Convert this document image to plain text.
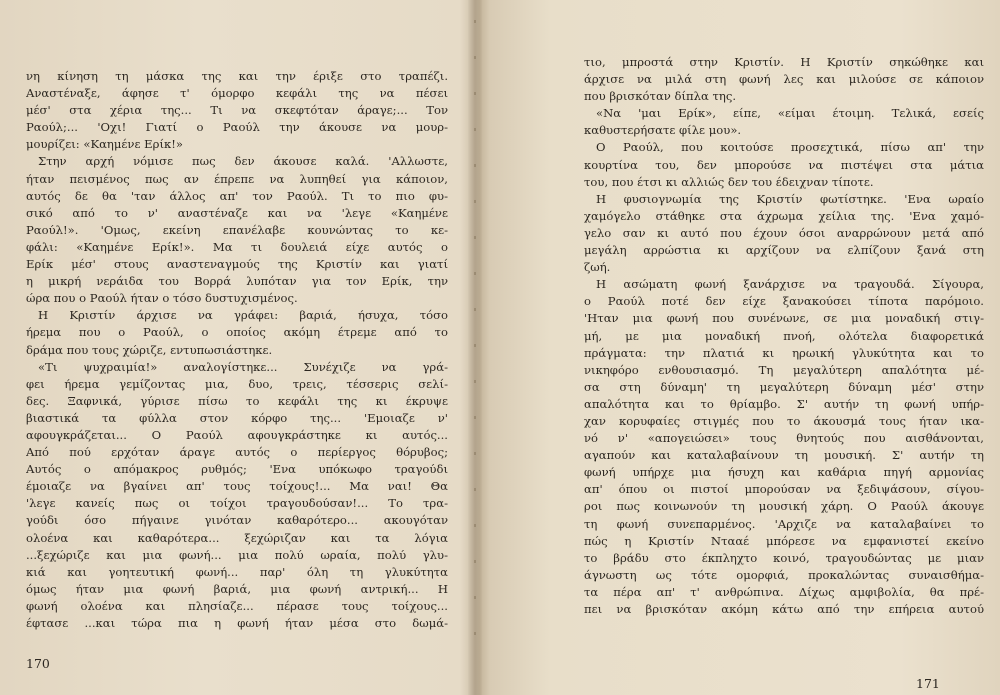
νη κίνηση τη μάσκα της και την έριξε στο τραπέζι.
Αναστέναξε, άφησε τ' όμορφο κεφάλι της να πέσει
μέσ' στα χέρια της... Τι να σκεφτόταν άραγε;... Τον
Ραούλ;... 'Οχι! Γιατί ο Ραούλ την άκουσε να μουρ-
μουρίζει: «Καημένε Ερίκ!»
Στην αρχή νόμισε πως δεν άκουσε καλά. 'Αλλωστε,
ήταν πεισμένος πως αν έπρεπε να λυπηθεί για κάποιον,
αυτός δε θα 'ταν άλλος απ' τον Ραούλ. Τι το πιο φυ-
σικό από το ν' αναστέναζε και να 'λεγε «Καημένε
Ραούλ!». 'Ομως, εκείνη επανέλαβε κουνώντας το κε-
φάλι: «Καημένε Ερίκ!». Μα τι δουλειά είχε αυτός ο
Ερίκ μέσ' στους αναστεναγμούς της Κριστίν και γιατί
η μικρή νεράιδα του Βορρά λυπόταν για τον Ερίκ, την
ώρα που ο Ραούλ ήταν ο τόσο δυστυχισμένος.
Η Κριστίν άρχισε να γράφει: βαριά, ήσυχα, τόσο
ήρεμα που ο Ραούλ, ο οποίος ακόμη έτρεμε από το
δράμα που τους χώριζε, εντυπωσιάστηκε.
«Τι ψυχραιμία!» αναλογίστηκε... Συνέχιζε να γρά-
φει ήρεμα γεμίζοντας μια, δυο, τρεις, τέσσερις σελί-
δες. Ξαφνικά, γύρισε πίσω το κεφάλι της κι έκρυψε
βιαστικά τα φύλλα στον κόρφο της... 'Εμοιαζε ν'
αφουγκράζεται... Ο Ραούλ αφουγκράστηκε κι αυτός...
Από πού ερχόταν άραγε αυτός ο περίεργος θόρυβος;
Αυτός ο απόμακρος ρυθμός; 'Ενα υπόκωφο τραγούδι
έμοιαζε να βγαίνει απ' τους τοίχους!... Μα ναι! Θα
'λεγε κανείς πως οι τοίχοι τραγουδούσαν!... Το τρα-
γούδι όσο πήγαινε γινόταν καθαρότερο... ακουγόταν
ολοένα και καθαρότερα... ξεχώριζαν και τα λόγια
...ξεχώριζε και μια φωνή... μια πολύ ωραία, πολύ γλυ-
κιά και γοητευτική φωνή... παρ' όλη τη γλυκύτητα
όμως ήταν μια φωνή βαριά, μια φωνή αντρική... Η
φωνή ολοένα και πλησίαζε... πέρασε τους τοίχους...
έφτασε ...και τώρα πια η φωνή ήταν μέσα στο δωμά-
170
τιο, μπροστά στην Κριστίν. Η Κριστίν σηκώθηκε και
άρχισε να μιλά στη φωνή λες και μιλούσε σε κάποιον
που βρισκόταν δίπλα της.
«Να 'μαι Ερίκ», είπε, «είμαι έτοιμη. Τελικά, εσείς
καθυστερήσατε φίλε μου».
Ο Ραούλ, που κοιτούσε προσεχτικά, πίσω απ' την
κουρτίνα του, δεν μπορούσε να πιστέψει στα μάτια
του, που έτσι κι αλλιώς δεν του έδειχναν τίποτε.
Η φυσιογνωμία της Κριστίν φωτίστηκε. 'Ενα ωραίο
χαμόγελο στάθηκε στα άχρωμα χείλια της. 'Ενα χαμό-
γελο σαν κι αυτό που έχουν όσοι αναρρώνουν μετά από
μεγάλη αρρώστια κι αρχίζουν να ελπίζουν ξανά στη
ζωή.
Η ασώματη φωνή ξανάρχισε να τραγουδά. Σίγουρα,
ο Ραούλ ποτέ δεν είχε ξανακούσει τίποτα παρόμοιο.
'Ηταν μια φωνή που συνένωνε, σε μια μοναδική στιγ-
μή, με μια μοναδική πνοή, ολότελα διαφορετικά
πράγματα: την πλατιά κι ηρωική γλυκύτητα και το
νικηφόρο ενθουσιασμό. Τη μεγαλύτερη απαλότητα μέ-
σα στη δύναμη' τη μεγαλύτερη δύναμη μέσ' στην
απαλότητα και το θρίαμβο. Σ' αυτήν τη φωνή υπήρ-
χαν κορυφαίες στιγμές που το άκουσμά τους ήταν ικα-
νό ν' «απογειώσει» τους θνητούς που αισθάνονται,
αγαπούν και καταλαβαίνουν τη μουσική. Σ' αυτήν τη
φωνή υπήρχε μια ήσυχη και καθάρια πηγή αρμονίας
απ' όπου οι πιστοί μπορούσαν να ξεδιψάσουν, σίγου-
ροι πως κοινωνούν τη μουσική χάρη. Ο Ραούλ άκουγε
τη φωνή συνεπαρμένος. 'Αρχιζε να καταλαβαίνει το
πώς η Κριστίν Ντααέ μπόρεσε να εμφανιστεί εκείνο
το βράδυ στο έκπληχτο κοινό, τραγουδώντας με μιαν
άγνωστη ως τότε ομορφιά, προκαλώντας συναισθήμα-
τα πέρα απ' τ' ανθρώπινα. Δίχως αμφιβολία, θα πρέ-
πει να βρισκόταν ακόμη κάτω από την επήρεια αυτού
171
